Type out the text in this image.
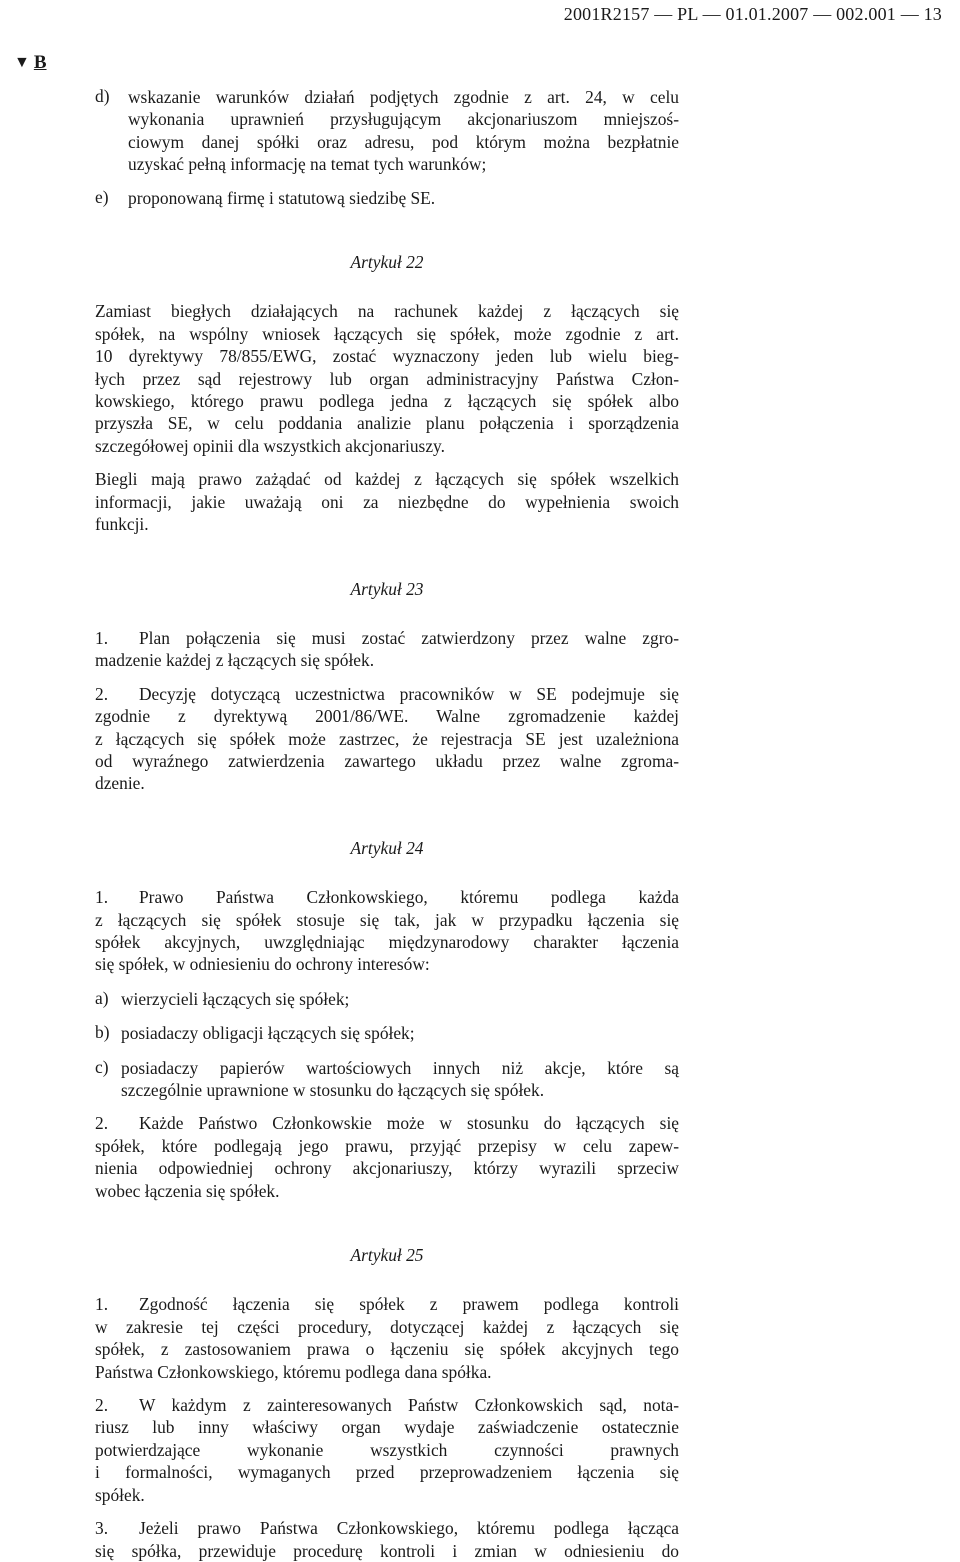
2001R2157 — PL — 01.01.2007 — 002.001 — 13
▼ B
d)	wskazanie warunków działań podjętych zgodnie z art. 24, w celu

wykonania uprawnień przysługującym akcjonariuszom mniejszoś-

ciowym danej spółki oraz adresu, pod którym można bezpłatnie

uzyskać pełną informację na temat tych warunków;

e)	proponowaną firmę i statutową siedzibę SE.

Artykuł 22

Zamiast biegłych działających na rachunek każdej z łączących się

spółek, na wspólny wniosek łączących się spółek, może zgodnie z art.

10 dyrektywy 78/855/EWG, zostać wyznaczony jeden lub wielu bieg-

łych przez sąd rejestrowy lub organ administracyjny Państwa Człon-

kowskiego, którego prawu podlega jedna z łączących się spółek albo

przyszła SE, w celu poddania analizie planu połączenia i sporządzenia

szczegółowej opinii dla wszystkich akcjonariuszy.

Biegli mają prawo zażądać od każdej z łączących się spółek wszelkich

informacji, jakie uważają oni za niezbędne do wypełnienia swoich

funkcji.

Artykuł 23

1. Plan połączenia się musi zostać zatwierdzony przez walne zgro-

madzenie każdej z łączących się spółek.

2. Decyzję dotyczącą uczestnictwa pracowników w SE podejmuje się

zgodnie z dyrektywą 2001/86/WE. Walne zgromadzenie każdej

z łączących się spółek może zastrzec, że rejestracja SE jest uzależniona

od wyraźnego zatwierdzenia zawartego układu przez walne zgroma-

dzenie.

Artykuł 24

1. Prawo Państwa Członkowskiego, któremu podlega każda

z łączących się spółek stosuje się tak, jak w przypadku łączenia się

spółek akcyjnych, uwzględniając międzynarodowy charakter łączenia

się spółek, w odniesieniu do ochrony interesów:

a) wierzycieli łączących się spółek;

b) posiadaczy obligacji łączących się spółek;

c) posiadaczy papierów wartościowych innych niż akcje, które są

szczególnie uprawnione w stosunku do łączących się spółek.

2. Każde Państwo Członkowskie może w stosunku do łączących się

spółek, które podlegają jego prawu, przyjąć przepisy w celu zapew-

nienia odpowiedniej ochrony akcjonariuszy, którzy wyrazili sprzeciw

wobec łączenia się spółek.

Artykuł 25

1. Zgodność łączenia się spółek z prawem podlega kontroli

w zakresie tej części procedury, dotyczącej każdej z łączących się

spółek, z zastosowaniem prawa o łączeniu się spółek akcyjnych tego

Państwa Członkowskiego, któremu podlega dana spółka.

2. W każdym z zainteresowanych Państw Członkowskich sąd, nota-

riusz lub inny właściwy organ wydaje zaświadczenie ostatecznie

potwierdzające wykonanie wszystkich czynności prawnych

i formalności, wymaganych przed przeprowadzeniem łączenia się

spółek.

3. Jeżeli prawo Państwa Członkowskiego, któremu podlega łącząca

się spółka, przewiduje procedurę kontroli i zmian w odniesieniu do
